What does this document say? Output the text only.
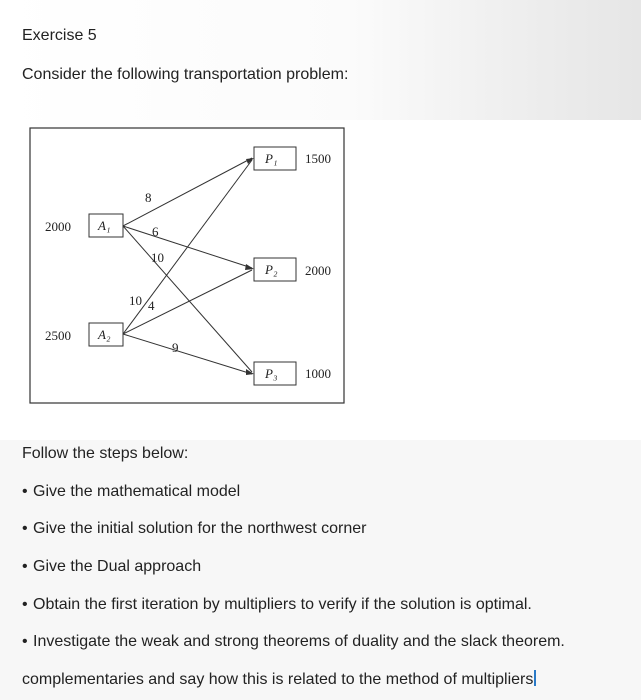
Exercise 5
Consider the following transportation problem:
2000 A₁
2500 A₂
P₁ 1500
P₂ 2000
P₃ 1000
8
6
10
10 4
9
Follow the steps below:
• Give the mathematical model
• Give the initial solution for the northwest corner
• Give the Dual approach
• Obtain the first iteration by multipliers to verify if the solution is optimal.
• Investigate the weak and strong theorems of duality and the slack theorem.
complementaries and say how this is related to the method of multipliers
